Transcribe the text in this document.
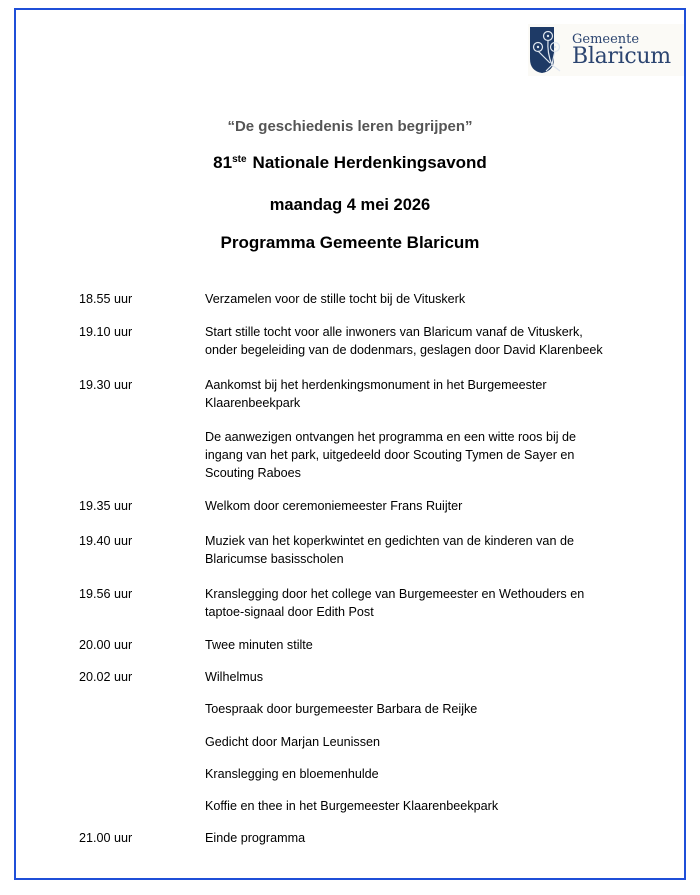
Gemeente
Blaricum
“De geschiedenis leren begrijpen”
81ste Nationale Herdenkingsavond
maandag 4 mei 2026
Programma Gemeente Blaricum
18.55 uur	Verzamelen voor de stille tocht bij de Vituskerk
19.10 uur	Start stille tocht voor alle inwoners van Blaricum vanaf de Vituskerk,
onder begeleiding van de dodenmars, geslagen door David Klarenbeek
19.30 uur	Aankomst bij het herdenkingsmonument in het Burgemeester
Klaarenbeekpark
De aanwezigen ontvangen het programma en een witte roos bij de
ingang van het park, uitgedeeld door Scouting Tymen de Sayer en
Scouting Raboes
19.35 uur	Welkom door ceremoniemeester Frans Ruijter
19.40 uur	Muziek van het koperkwintet en gedichten van de kinderen van de
Blaricumse basisscholen
19.56 uur	Kranslegging door het college van Burgemeester en Wethouders en
taptoe-signaal door Edith Post
20.00 uur	Twee minuten stilte
20.02 uur	Wilhelmus
Toespraak door burgemeester Barbara de Reijke
Gedicht door Marjan Leunissen
Kranslegging en bloemenhulde
Koffie en thee in het Burgemeester Klaarenbeekpark
21.00 uur	Einde programma
